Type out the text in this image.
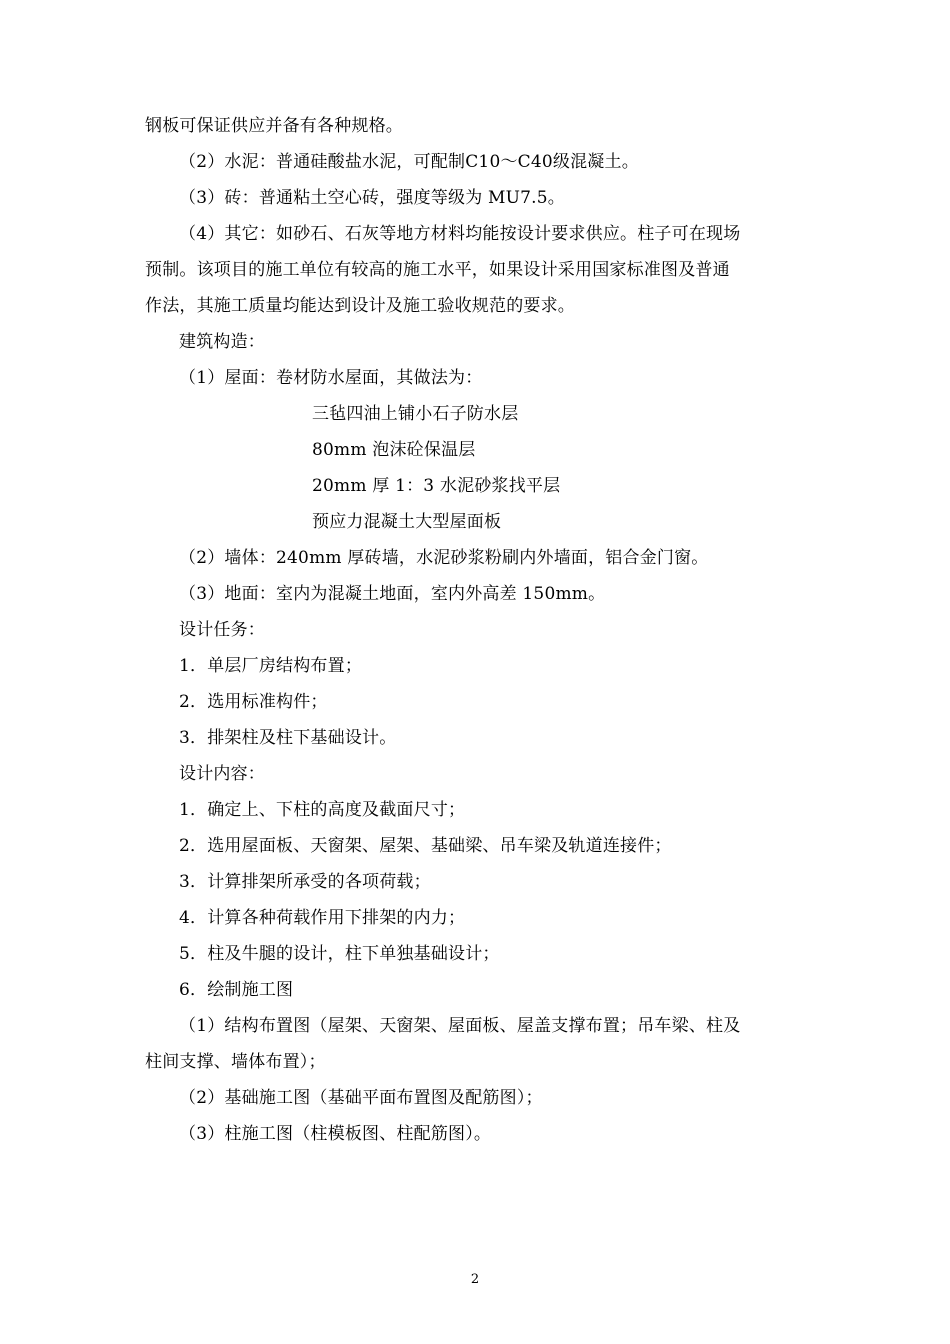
钢板可保证供应并备有各种规格。
（2）水泥：普通硅酸盐水泥，可配制C10～C40级混凝土。
（3）砖：普通粘土空心砖，强度等级为 MU7.5。
（4）其它：如砂石、石灰等地方材料均能按设计要求供应。柱子可在现场
预制。该项目的施工单位有较高的施工水平，如果设计采用国家标准图及普通
作法，其施工质量均能达到设计及施工验收规范的要求。
建筑构造：
（1）屋面：卷材防水屋面，其做法为：
三毡四油上铺小石子防水层
80mm 泡沫砼保温层
20mm 厚 1：3 水泥砂浆找平层
预应力混凝土大型屋面板
（2）墙体：240mm 厚砖墙，水泥砂浆粉刷内外墙面，铝合金门窗。
（3）地面：室内为混凝土地面，室内外高差 150mm。
设计任务：
1．单层厂房结构布置；
2．选用标准构件；
3．排架柱及柱下基础设计。
设计内容：
1．确定上、下柱的高度及截面尺寸；
2．选用屋面板、天窗架、屋架、基础梁、吊车梁及轨道连接件；
3．计算排架所承受的各项荷载；
4．计算各种荷载作用下排架的内力；
5．柱及牛腿的设计，柱下单独基础设计；
6．绘制施工图
（1）结构布置图（屋架、天窗架、屋面板、屋盖支撑布置；吊车梁、柱及
柱间支撑、墙体布置）；
（2）基础施工图（基础平面布置图及配筋图）；
（3）柱施工图（柱模板图、柱配筋图）。
2
